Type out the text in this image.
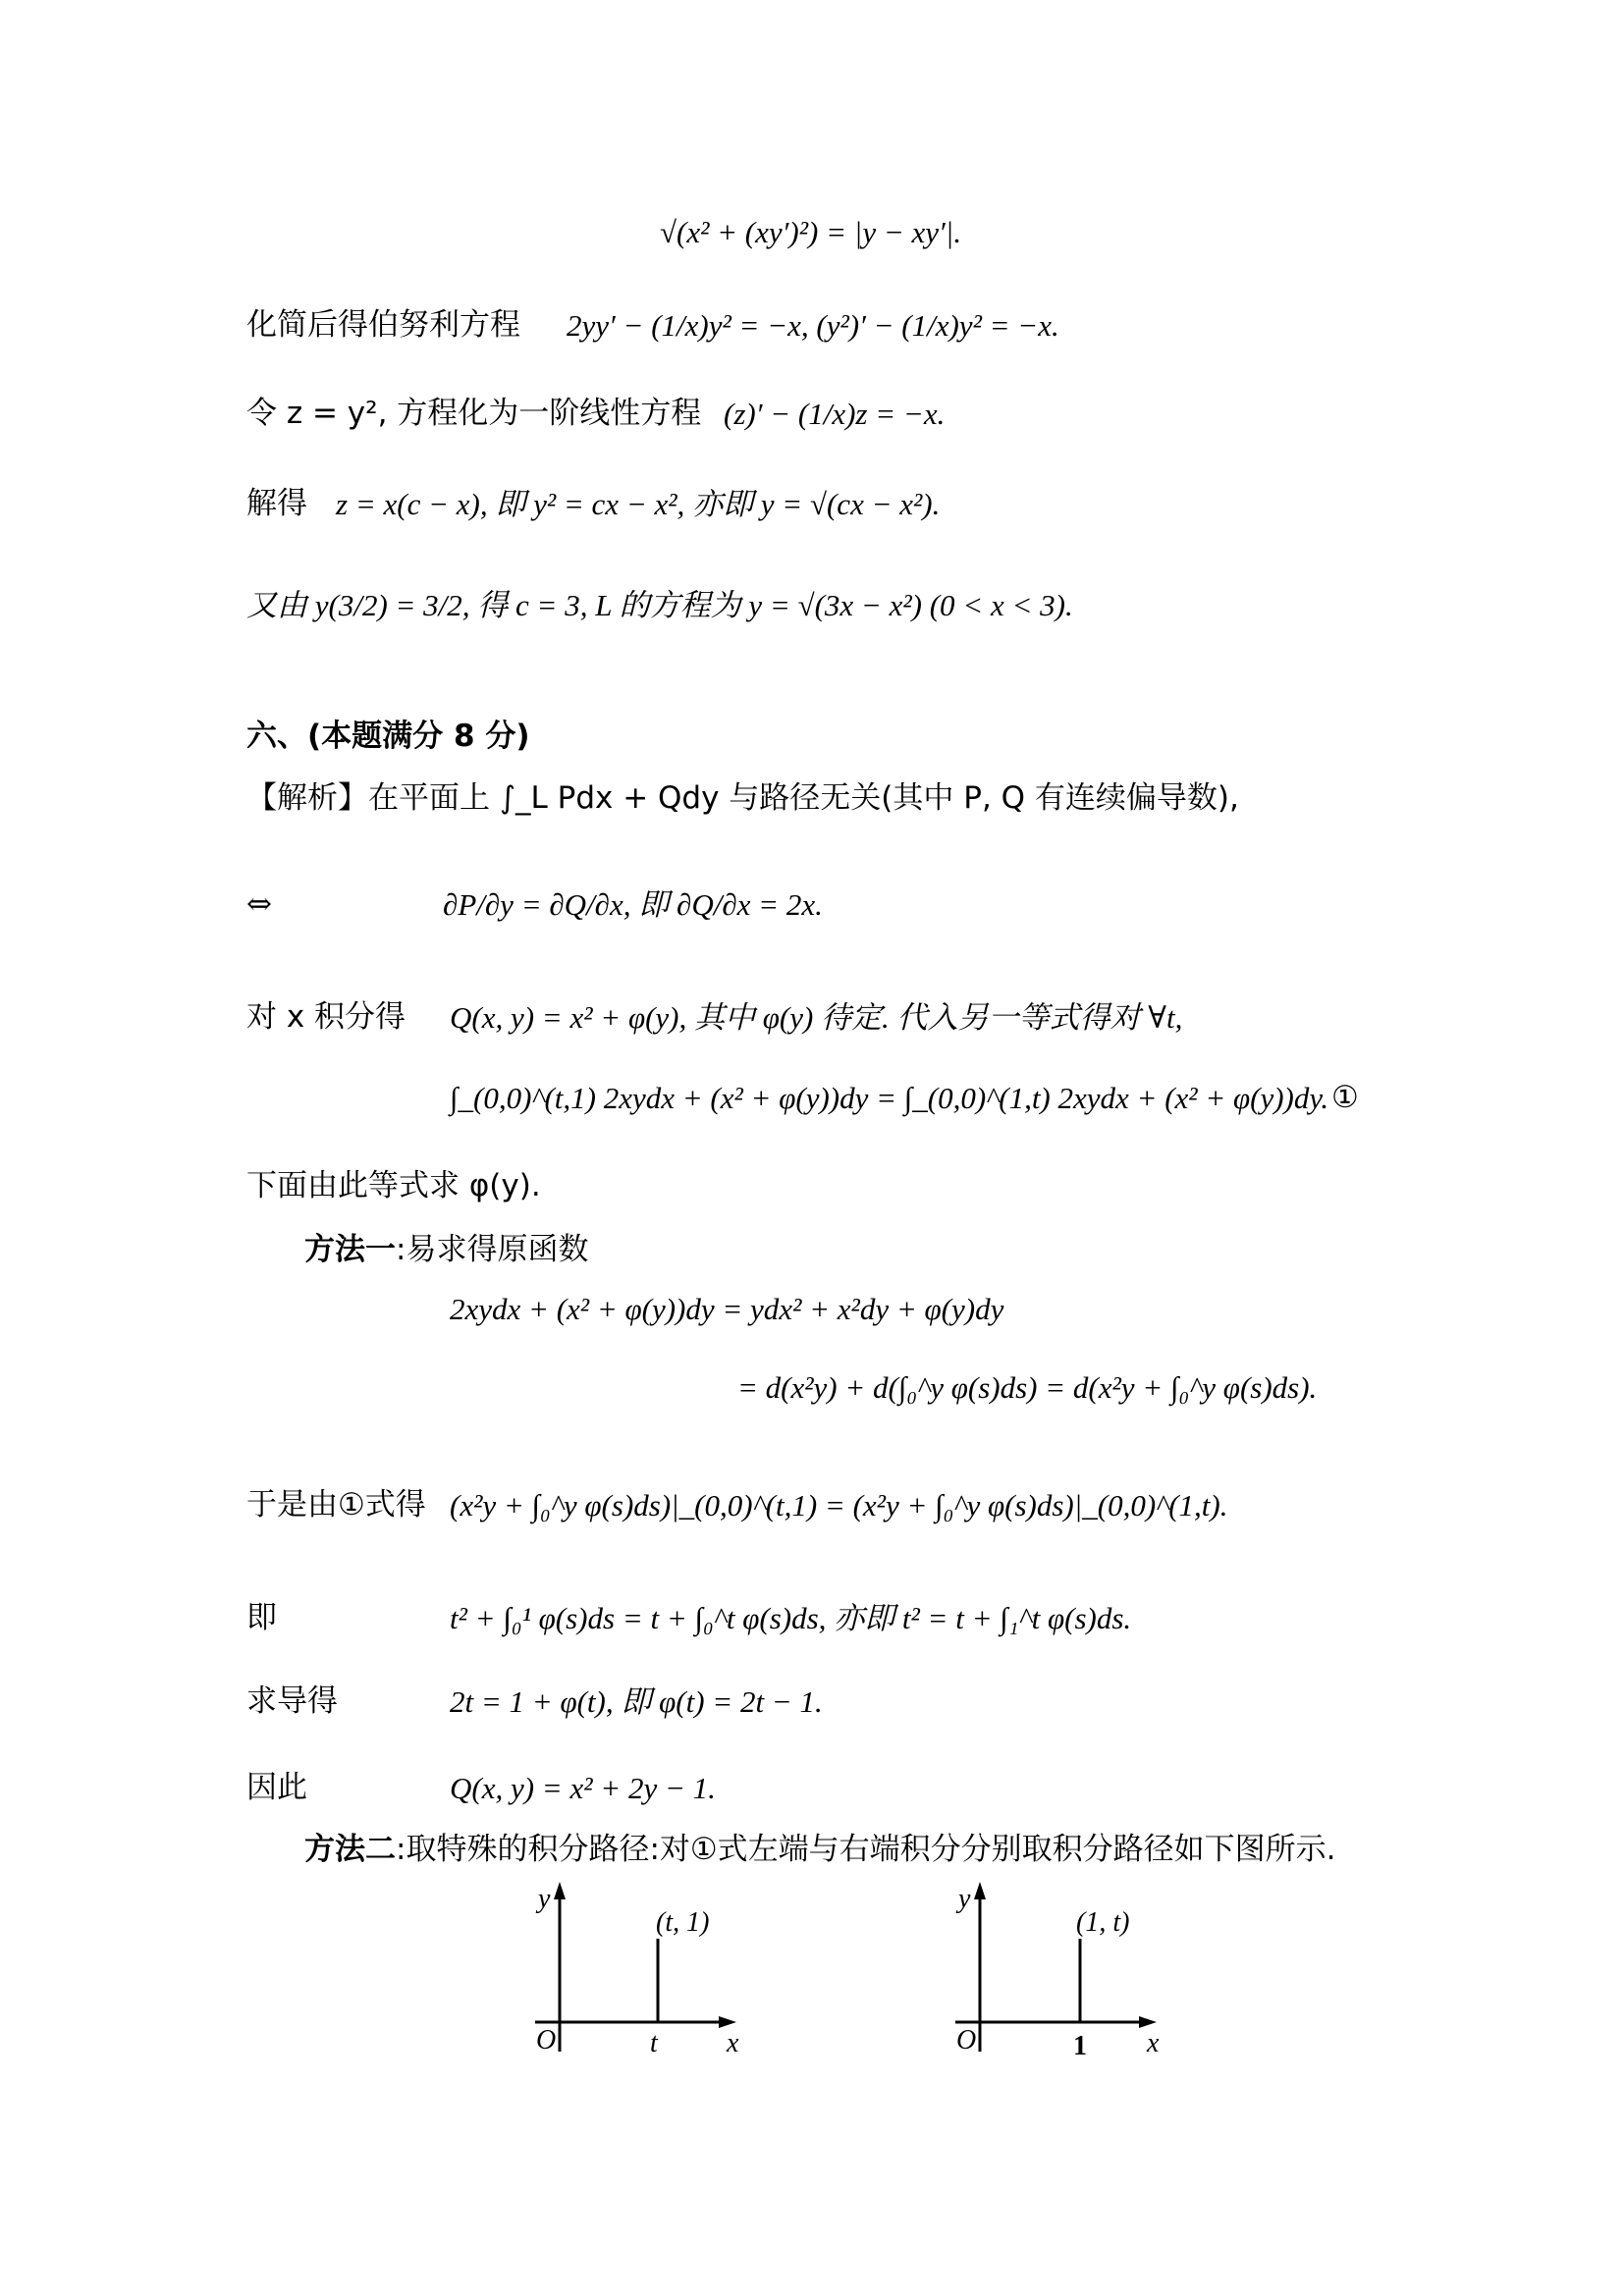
√(x² + (xy′)²) = |y − xy′|.
化简后得伯努利方程 2yy′ − (1/x)y² = −x, (y²)′ − (1/x)y² = −x.
令 z = y², 方程化为一阶线性方程 (z)′ − (1/x)z = −x.
解得 z = x(c − x), 即 y² = cx − x², 亦即 y = √(cx − x²).
又由 y(3/2) = 3/2, 得 c = 3, L 的方程为 y = √(3x − x²) (0 < x < 3).
六、(本题满分 8 分)
【解析】在平面上 ∫_L Pdx + Qdy 与路径无关(其中 P, Q 有连续偏导数),
⇔	∂P/∂y = ∂Q/∂x, 即 ∂Q/∂x = 2x.
对 x 积分得 Q(x, y) = x² + φ(y), 其中 φ(y) 待定. 代入另一等式得对 ∀t,
∫_(0,0)^(t,1) 2xydx + (x² + φ(y))dy = ∫_(0,0)^(1,t) 2xydx + (x² + φ(y))dy. ①
下面由此等式求 φ(y).
方法一:易求得原函数
2xydx + (x² + φ(y))dy = ydx² + x²dy + φ(y)dy
= d(x²y) + d(∫₀^y φ(s)ds) = d(x²y + ∫₀^y φ(s)ds).
于是由①式得 (x²y + ∫₀^y φ(s)ds)|_(0,0)^(t,1) = (x²y + ∫₀^y φ(s)ds)|_(0,0)^(1,t).
即	t² + ∫₀¹ φ(s)ds = t + ∫₀^t φ(s)ds, 亦即 t² = t + ∫₁^t φ(s)ds.
求导得	2t = 1 + φ(t), 即 φ(t) = 2t − 1.
因此	Q(x, y) = x² + 2y − 1.
方法二:取特殊的积分路径:对①式左端与右端积分分别取积分路径如下图所示.
y
x
O	t
(t, 1)
y
x
O	1
(1, t)
